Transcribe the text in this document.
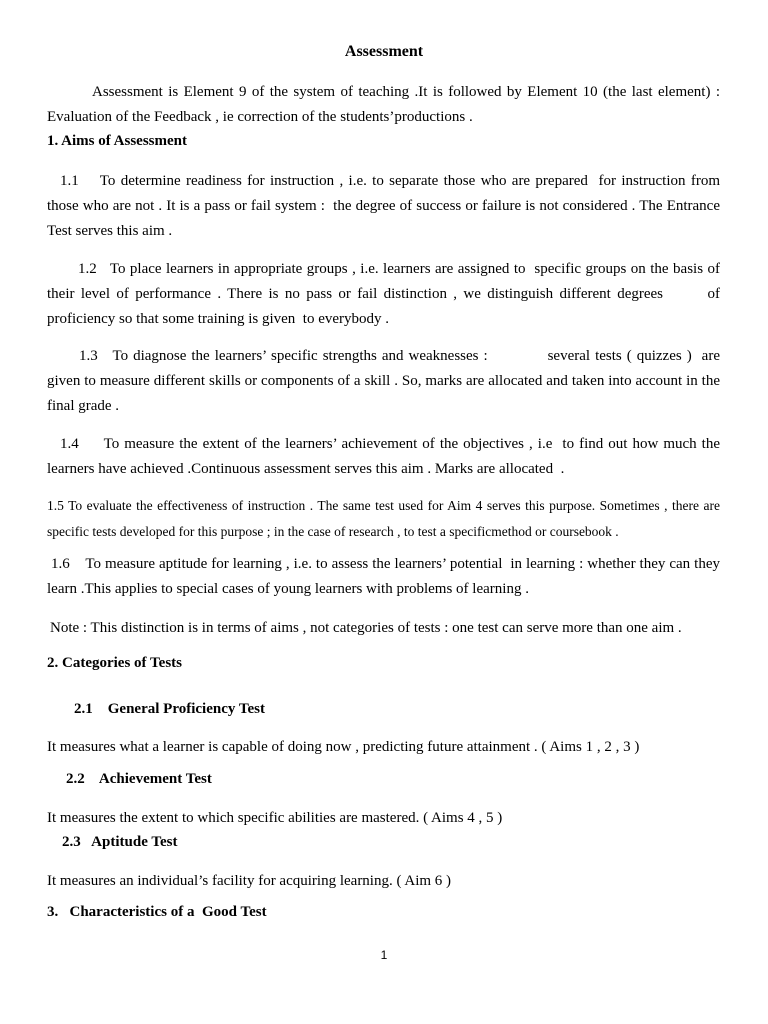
Assessment

Assessment is Element 9 of the system of teaching .It is followed by Element 10 (the last element) : Evaluation of the Feedback , ie correction of the students’productions .

1. Aims of Assessment

1.1    To determine readiness for instruction , i.e. to separate those who are prepared  for instruction from those who are not . It is a pass or fail system :  the degree of success or failure is not considered . The Entrance Test serves this aim .

1.2   To place learners in appropriate groups , i.e. learners are assigned to  specific groups on the basis of their level of performance . There is no pass or fail distinction , we distinguish different degrees       of proficiency so that some training is given  to everybody .

1.3   To diagnose the learners’ specific strengths and weaknesses :            several tests ( quizzes )  are given to measure different skills or components of a skill . So, marks are allocated and taken into account in the final grade .

1.4     To measure the extent of the learners’ achievement of the objectives , i.e  to find out how much the learners have achieved .Continuous assessment serves this aim . Marks are allocated  .

1.5 To evaluate the effectiveness of instruction . The same test used for Aim 4 serves this purpose. Sometimes , there are specific tests developed for this purpose ; in the case of research , to test a specificmethod or coursebook .

1.6    To measure aptitude for learning , i.e. to assess the learners’ potential  in learning : whether they can they learn .This applies to special cases of young learners with problems of learning .

Note : This distinction is in terms of aims , not categories of tests : one test can serve more than one aim .

2. Categories of Tests

2.1    General Proficiency Test

It measures what a learner is capable of doing now , predicting future attainment . ( Aims 1 , 2 , 3 )

2.2    Achievement Test

It measures the extent to which specific abilities are mastered. ( Aims 4 , 5 )

2.3   Aptitude Test

It measures an individual’s facility for acquiring learning. ( Aim 6 )

3.   Characteristics of a  Good Test

1
